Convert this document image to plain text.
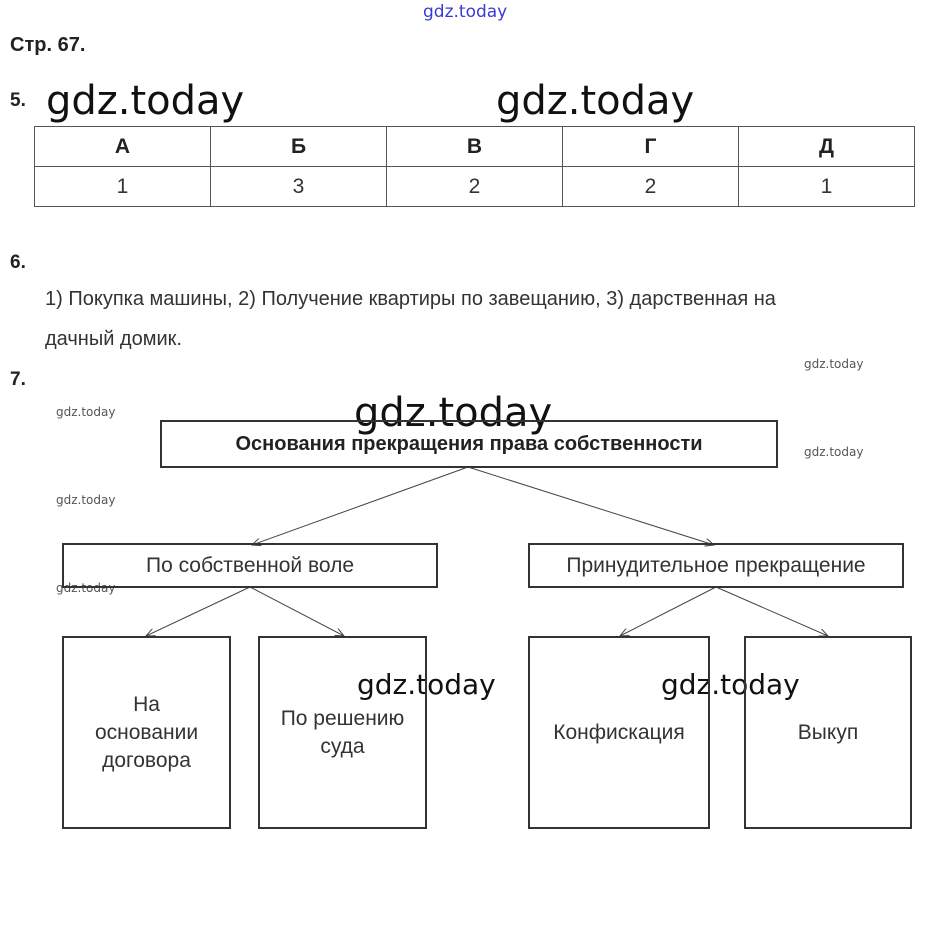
gdz.today
gdz.today	gdz.today
gdz.today
gdz.today	gdz.today
gdz.today
gdz.today
gdz.today
gdz.today	gdz.today
Стр. 67.
5.
А	Б	В	Г	Д
1	3	2	2	1
6.
1) Покупка машины, 2) Получение квартиры по завещанию, 3) дарственная на
дачный домик.
7.
Основания прекращения права собственности
По собственной воле	Принудительное прекращение
На
основании
договора
По решению
суда
Конфискация	Выкуп
